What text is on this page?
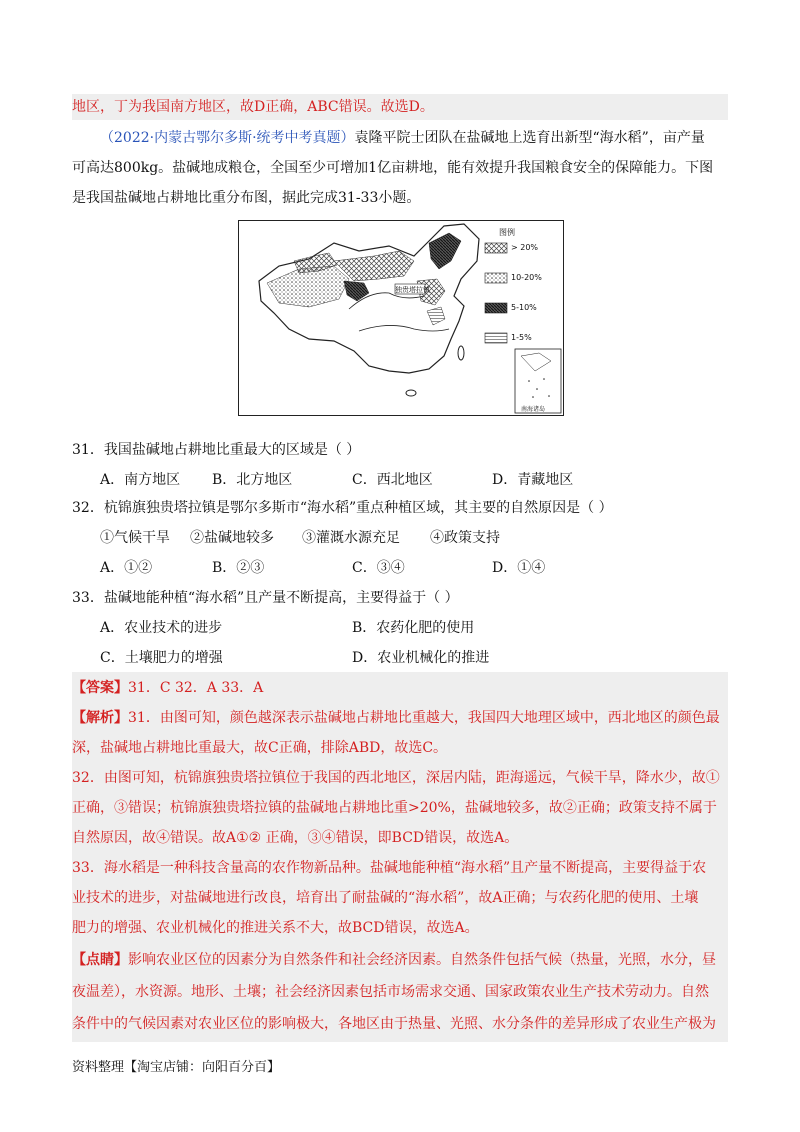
地区，丁为我国南方地区，故D正确，ABC错误。故选D。
（2022·内蒙古鄂尔多斯·统考中考真题）袁隆平院士团队在盐碱地上选育出新型“海水稻”，亩产量
可高达800kg。盐碱地成粮仓，全国至少可增加1亿亩耕地，能有效提升我国粮食安全的保障能力。下图
是我国盐碱地占耕地比重分布图，据此完成31-33小题。
独贵塔拉镇
图例
> 20%
10-20%
5-10%
1-5%
南海诸岛
31．我国盐碱地占耕地比重最大的区域是（ ）
A．南方地区 B．北方地区	C．西北地区	D．青藏地区
32．杭锦旗独贵塔拉镇是鄂尔多斯市“海水稻”重点种植区域，其主要的自然原因是（ ）
①气候干旱 ②盐碱地较多 ③灌溉水源充足 ④政策支持
A．①②	B．②③	C．③④	D．①④
33．盐碱地能种植“海水稻”且产量不断提高，主要得益于（ ）
A．农业技术的进步	B．农药化肥的使用
C．土壤肥力的增强	D．农业机械化的推进
【答案】31．C 32．A 33．A
【解析】31．由图可知，颜色越深表示盐碱地占耕地比重越大，我国四大地理区域中，西北地区的颜色最
深，盐碱地占耕地比重最大，故C正确，排除ABD，故选C。
32．由图可知，杭锦旗独贵塔拉镇位于我国的西北地区，深居内陆，距海遥远，气候干旱，降水少，故①
正确，③错误；杭锦旗独贵塔拉镇的盐碱地占耕地比重>20%，盐碱地较多，故②正确；政策支持不属于
自然原因，故④错误。故A①② 正确，③④错误，即BCD错误，故选A。
33．海水稻是一种科技含量高的农作物新品种。盐碱地能种植“海水稻”且产量不断提高，主要得益于农
业技术的进步，对盐碱地进行改良，培育出了耐盐碱的“海水稻”，故A正确；与农药化肥的使用、土壤
肥力的增强、农业机械化的推进关系不大，故BCD错误，故选A。
【点睛】影响农业区位的因素分为自然条件和社会经济因素。自然条件包括气候（热量，光照，水分，昼
夜温差），水资源。地形、土壤；社会经济因素包括市场需求交通、国家政策农业生产技术劳动力。自然
条件中的气候因素对农业区位的影响极大，各地区由于热量、光照、水分条件的差异形成了农业生产极为
资料整理【淘宝店铺：向阳百分百】
